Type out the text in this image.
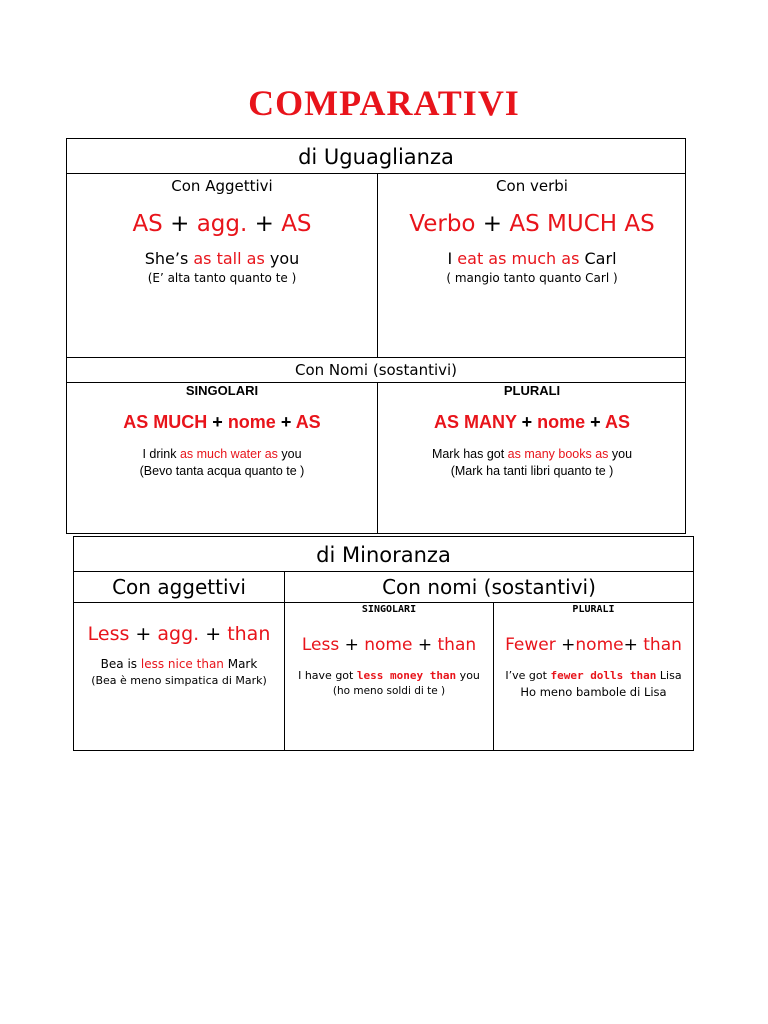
COMPARATIVI
di Uguaglianza
Con Aggettivi
AS + agg. + AS
She’s as tall as you
(E’ alta tanto quanto te )
Con verbi
Verbo + AS MUCH AS
I eat as much as Carl
( mangio tanto quanto Carl )
Con Nomi (sostantivi)
SINGOLARI
AS MUCH + nome + AS
I drink as much water as you
(Bevo tanta acqua quanto te )
PLURALI
AS MANY + nome + AS
Mark has got as many books as you
(Mark ha tanti libri quanto te )
di Minoranza
Con aggettivi	Con nomi (sostantivi)
Less + agg. + than
Bea is less nice than Mark
(Bea è meno simpatica di Mark)
SINGOLARI
Less + nome + than
I have got less money than you
(ho meno soldi di te )
PLURALI
Fewer +nome+ than
I’ve got fewer dolls than Lisa
Ho meno bambole di Lisa
